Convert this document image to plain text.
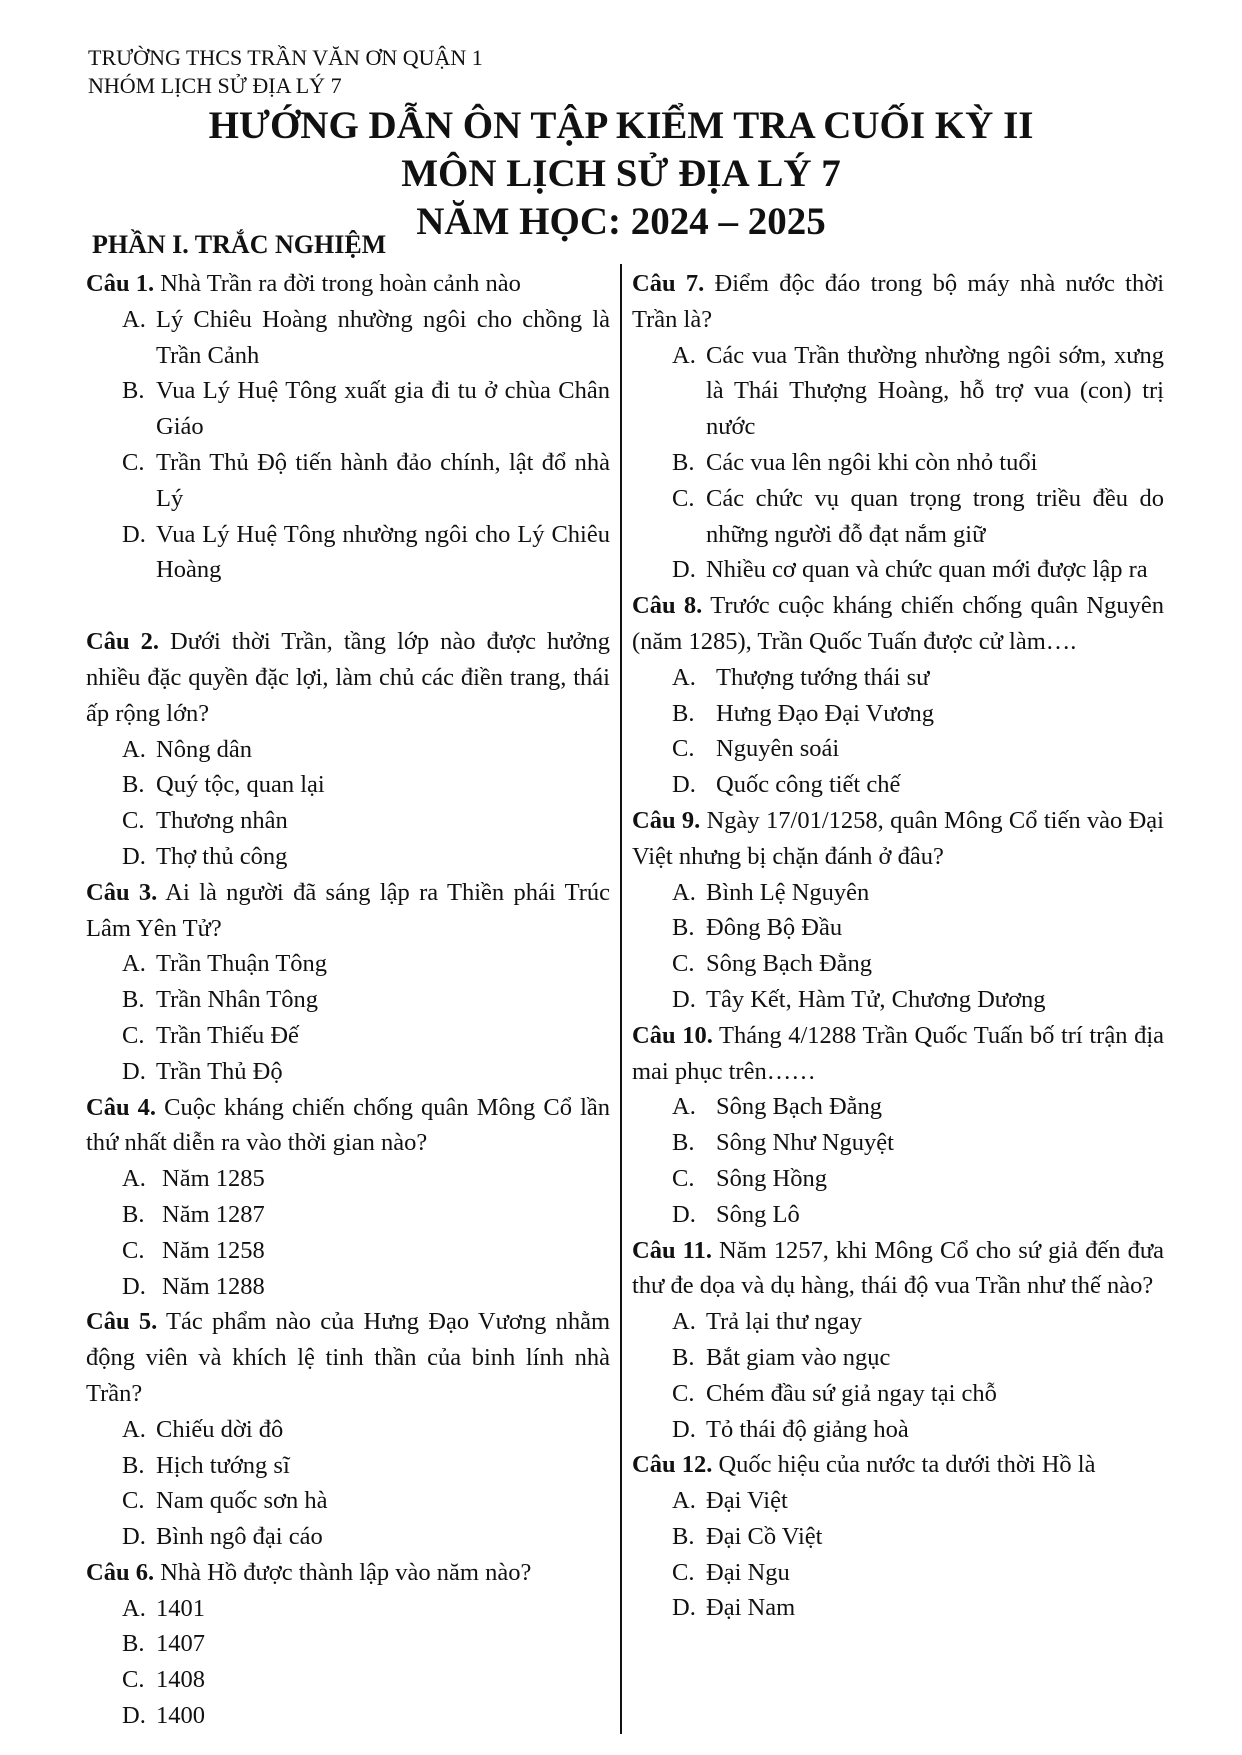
TRƯỜNG THCS TRẦN VĂN ƠN QUẬN 1
NHÓM LỊCH SỬ ĐỊA LÝ 7
HƯỚNG DẪN ÔN TẬP KIỂM TRA CUỐI KỲ II
MÔN LỊCH SỬ ĐỊA LÝ 7
NĂM HỌC: 2024 – 2025
PHẦN I. TRẮC NGHIỆM
Câu 1. Nhà Trần ra đời trong hoàn cảnh nào
A. Lý Chiêu Hoàng nhường ngôi cho chồng là Trần Cảnh
B. Vua Lý Huệ Tông xuất gia đi tu ở chùa Chân Giáo
C. Trần Thủ Độ tiến hành đảo chính, lật đổ nhà Lý
D. Vua Lý Huệ Tông nhường ngôi cho Lý Chiêu Hoàng
Câu 2. Dưới thời Trần, tầng lớp nào được hưởng nhiều đặc quyền đặc lợi, làm chủ các điền trang, thái ấp rộng lớn?
A. Nông dân
B. Quý tộc, quan lại
C. Thương nhân
D. Thợ thủ công
Câu 3. Ai là người đã sáng lập ra Thiền phái Trúc Lâm Yên Tử?
A. Trần Thuận Tông
B. Trần Nhân Tông
C. Trần Thiếu Đế
D. Trần Thủ Độ
Câu 4. Cuộc kháng chiến chống quân Mông Cổ lần thứ nhất diễn ra vào thời gian nào?
A. Năm 1285
B. Năm 1287
C. Năm 1258
D. Năm 1288
Câu 5. Tác phẩm nào của Hưng Đạo Vương nhằm động viên và khích lệ tinh thần của binh lính nhà Trần?
A. Chiếu dời đô
B. Hịch tướng sĩ
C. Nam quốc sơn hà
D. Bình ngô đại cáo
Câu 6. Nhà Hồ được thành lập vào năm nào?
A. 1401
B. 1407
C. 1408
D. 1400
Câu 7. Điểm độc đáo trong bộ máy nhà nước thời Trần là?
A. Các vua Trần thường nhường ngôi sớm, xưng là Thái Thượng Hoàng, hỗ trợ vua (con) trị nước
B. Các vua lên ngôi khi còn nhỏ tuổi
C. Các chức vụ quan trọng trong triều đều do những người đỗ đạt nắm giữ
D. Nhiều cơ quan và chức quan mới được lập ra
Câu 8. Trước cuộc kháng chiến chống quân Nguyên (năm 1285), Trần Quốc Tuấn được cử làm….
A. Thượng tướng thái sư
B. Hưng Đạo Đại Vương
C. Nguyên soái
D. Quốc công tiết chế
Câu 9. Ngày 17/01/1258, quân Mông Cổ tiến vào Đại Việt nhưng bị chặn đánh ở đâu?
A. Bình Lệ Nguyên
B. Đông Bộ Đầu
C. Sông Bạch Đằng
D. Tây Kết, Hàm Tử, Chương Dương
Câu 10. Tháng 4/1288 Trần Quốc Tuấn bố trí trận địa mai phục trên……
A. Sông Bạch Đằng
B. Sông Như Nguyệt
C. Sông Hồng
D. Sông Lô
Câu 11. Năm 1257, khi Mông Cổ cho sứ giả đến đưa thư đe dọa và dụ hàng, thái độ vua Trần như thế nào?
A. Trả lại thư ngay
B. Bắt giam vào ngục
C. Chém đầu sứ giả ngay tại chỗ
D. Tỏ thái độ giảng hoà
Câu 12. Quốc hiệu của nước ta dưới thời Hồ là
A. Đại Việt
B. Đại Cồ Việt
C. Đại Ngu
D. Đại Nam
